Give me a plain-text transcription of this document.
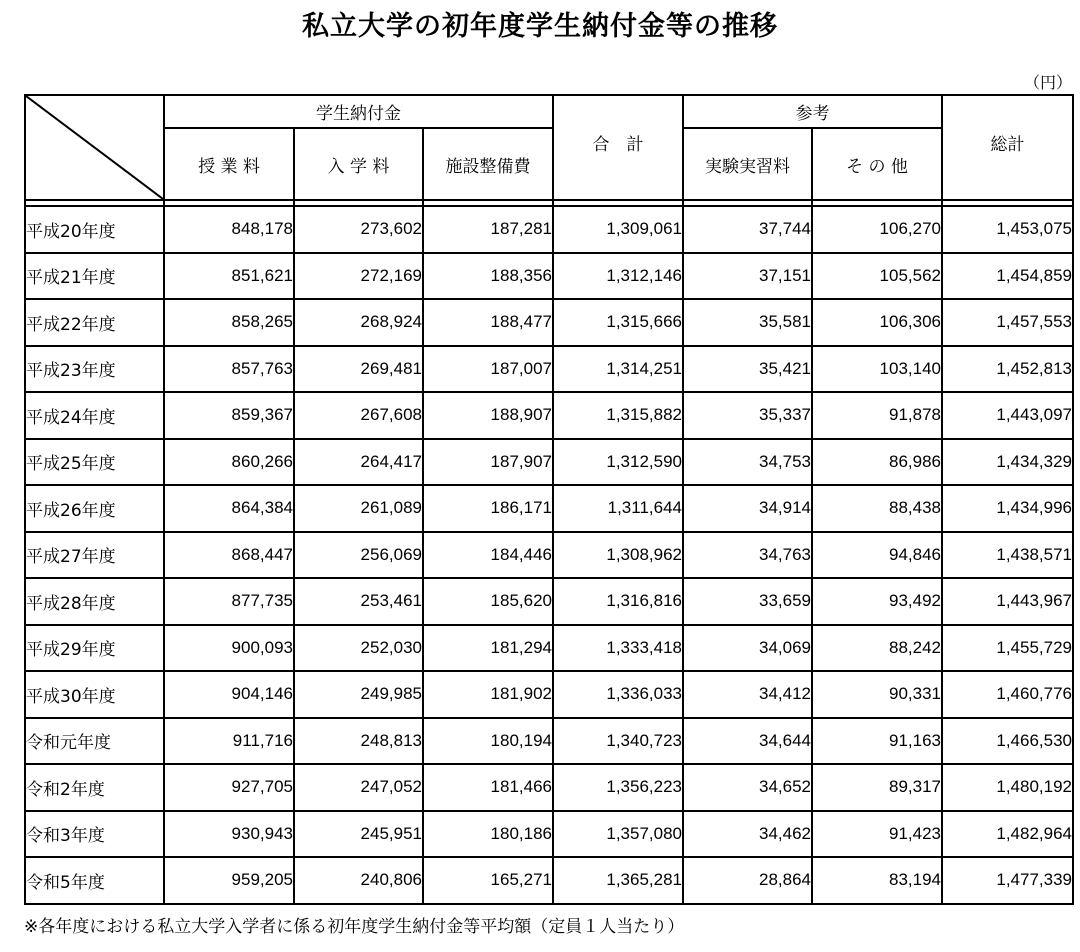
私立大学の初年度学生納付金等の推移
（円）
	学生納付金			合　計	参考		総計
	授 業 料	入 学 料	施設整備費		実験実習料	そ の 他	

平成20年度	848,178	273,602	187,281	1,309,061	37,744	106,270	1,453,075
平成21年度	851,621	272,169	188,356	1,312,146	37,151	105,562	1,454,859
平成22年度	858,265	268,924	188,477	1,315,666	35,581	106,306	1,457,553
平成23年度	857,763	269,481	187,007	1,314,251	35,421	103,140	1,452,813
平成24年度	859,367	267,608	188,907	1,315,882	35,337	91,878	1,443,097
平成25年度	860,266	264,417	187,907	1,312,590	34,753	86,986	1,434,329
平成26年度	864,384	261,089	186,171	1,311,644	34,914	88,438	1,434,996
平成27年度	868,447	256,069	184,446	1,308,962	34,763	94,846	1,438,571
平成28年度	877,735	253,461	185,620	1,316,816	33,659	93,492	1,443,967
平成29年度	900,093	252,030	181,294	1,333,418	34,069	88,242	1,455,729
平成30年度	904,146	249,985	181,902	1,336,033	34,412	90,331	1,460,776
令和元年度	911,716	248,813	180,194	1,340,723	34,644	91,163	1,466,530
令和2年度	927,705	247,052	181,466	1,356,223	34,652	89,317	1,480,192
令和3年度	930,943	245,951	180,186	1,357,080	34,462	91,423	1,482,964
令和5年度	959,205	240,806	165,271	1,365,281	28,864	83,194	1,477,339
※各年度における私立大学入学者に係る初年度学生納付金等平均額（定員１人当たり）
